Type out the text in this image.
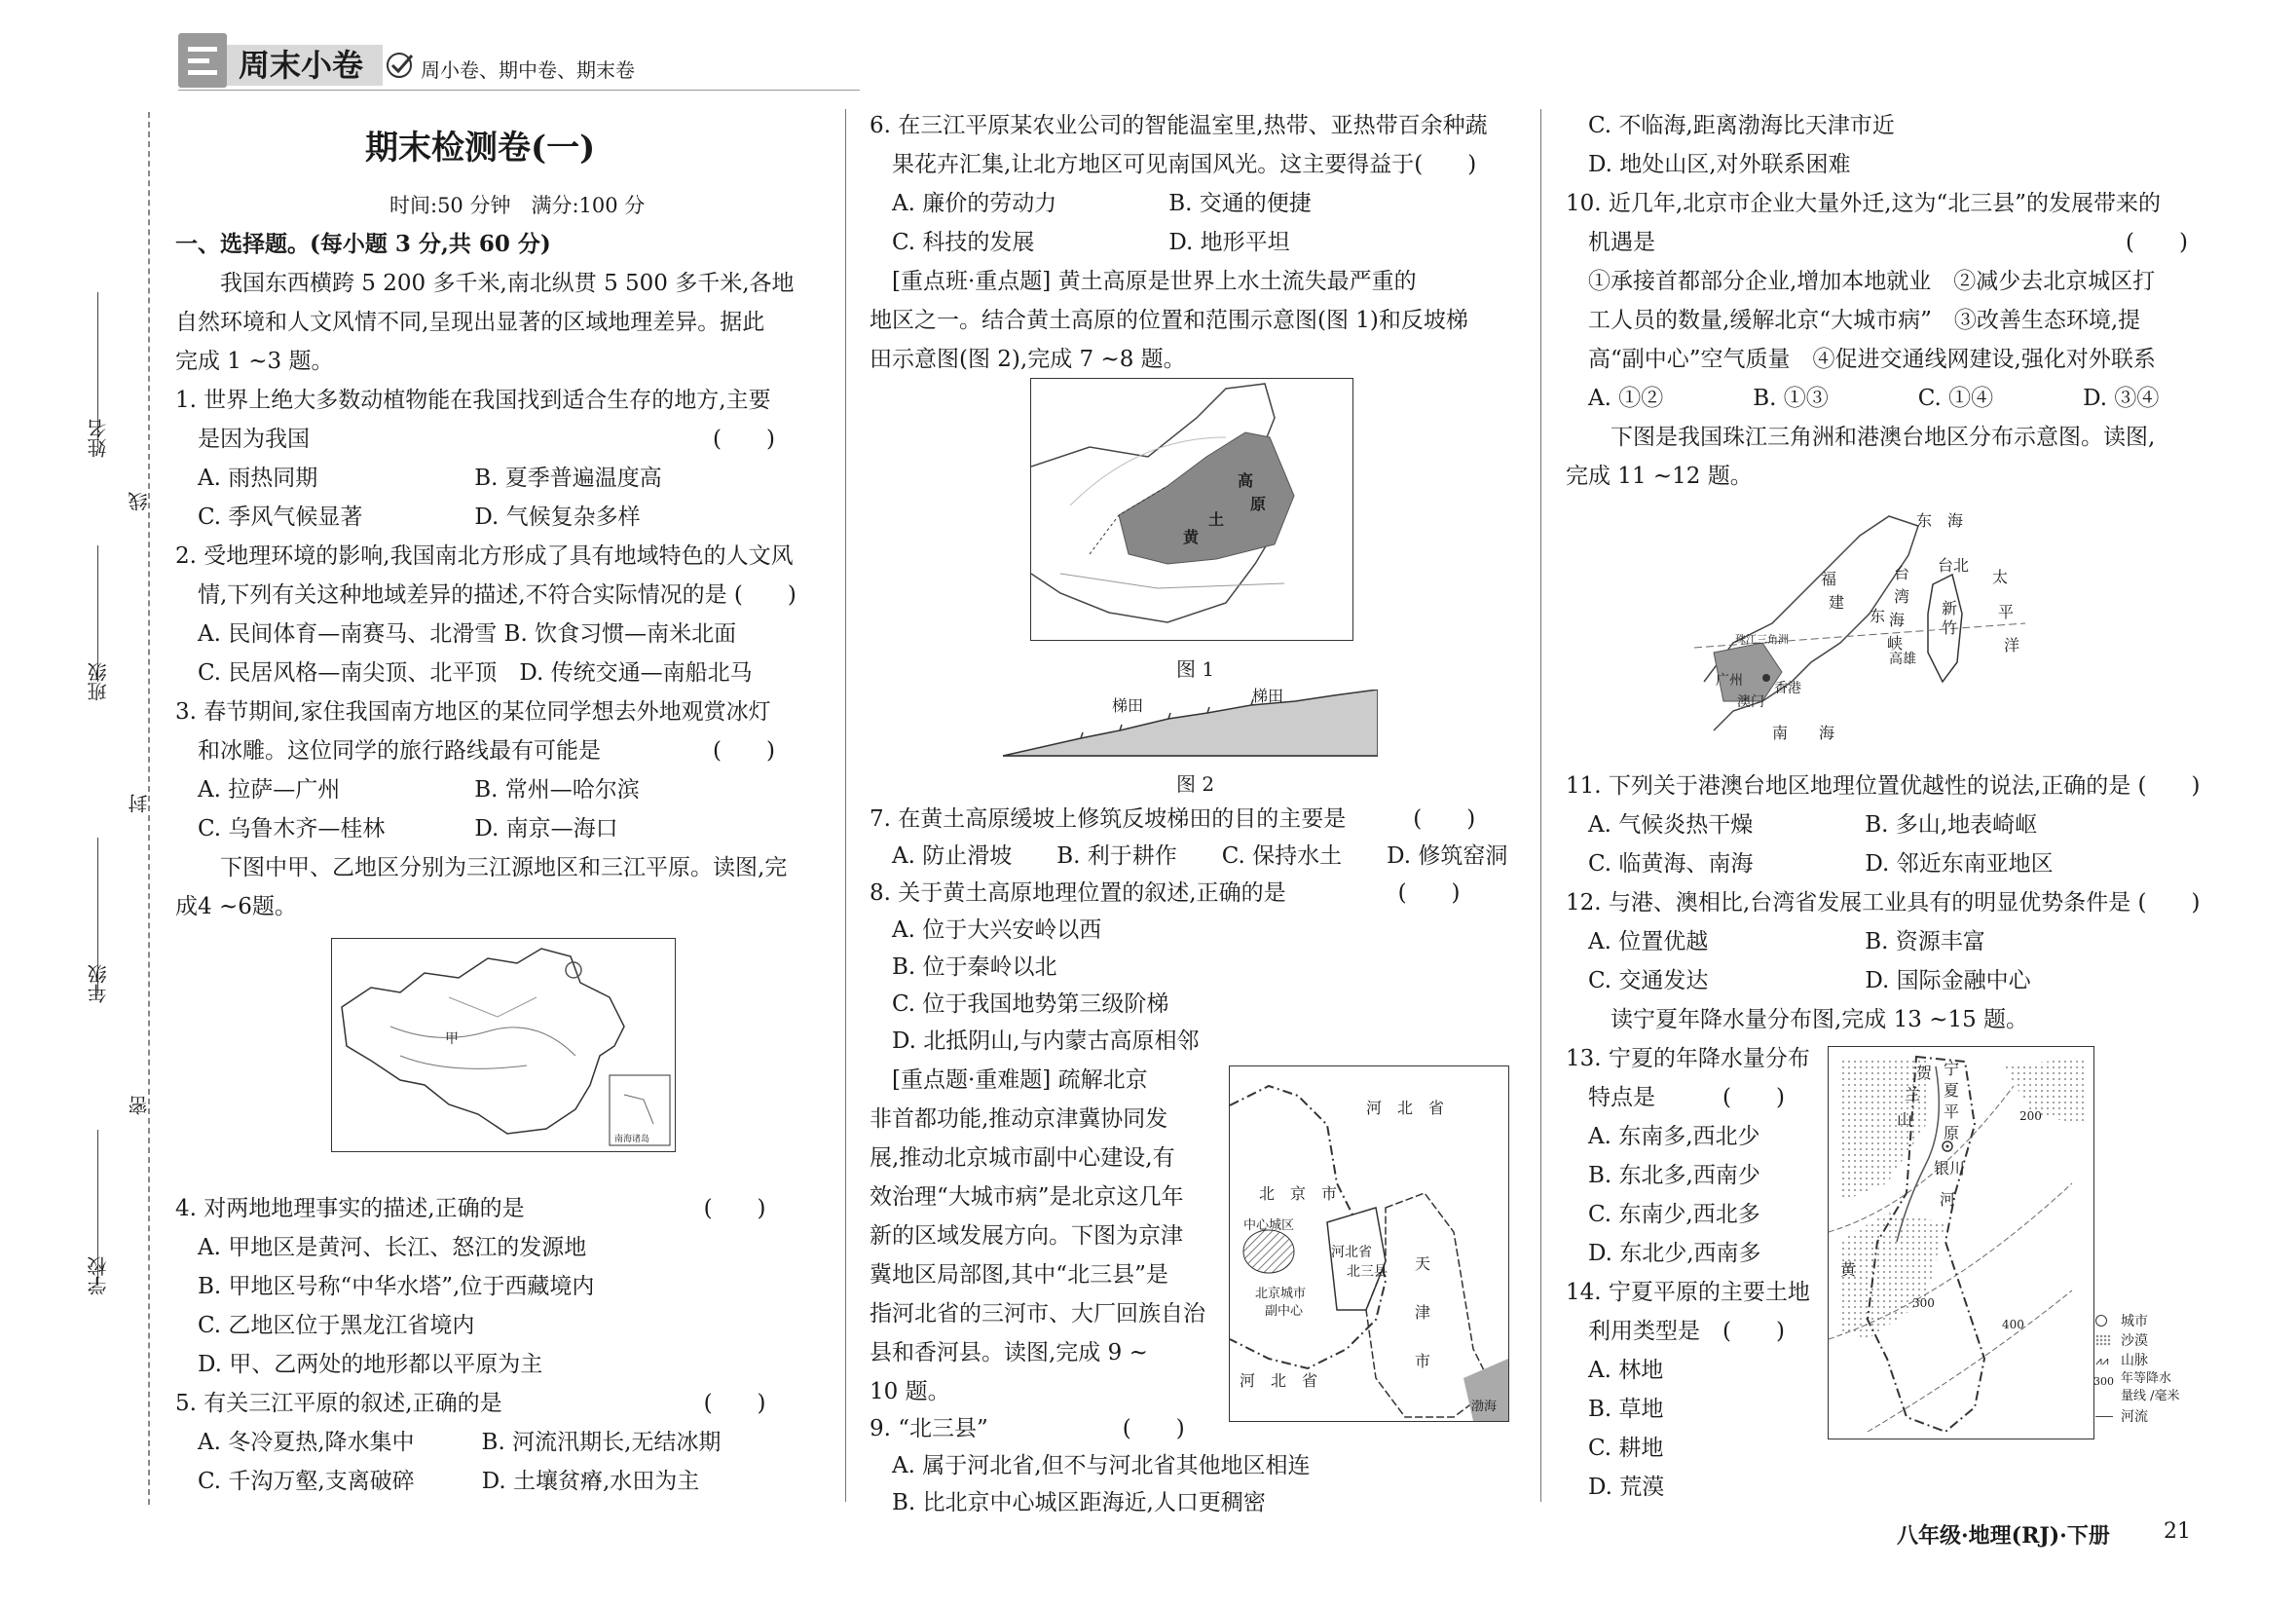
周末小卷	周小卷、期中卷、期末卷
姓名
班级
年级
学校
线
封
密
期末检测卷(一)
时间:50 分钟　满分:100 分
一、选择题。(每小题 3 分,共 60 分)
　　我国东西横跨 5 200 多千米,南北纵贯 5 500 多千米,各地
自然环境和人文风情不同,呈现出显著的区域地理差异。据此
完成 1 ~3 题。
1. 世界上绝大多数动植物能在我国找到适合生存的地方,主要
　是因为我国　　　　　　　　　　　　　　　　　　(　　)
　A. 雨热同期　　　　　　　B. 夏季普遍温度高
　C. 季风气候显著　　　　　D. 气候复杂多样
2. 受地理环境的影响,我国南北方形成了具有地域特色的人文风
　情,下列有关这种地域差异的描述,不符合实际情况的是 (　　)
　A. 民间体育—南赛马、北滑雪 B. 饮食习惯—南米北面
　C. 民居风格—南尖顶、北平顶　D. 传统交通—南船北马
3. 春节期间,家住我国南方地区的某位同学想去外地观赏冰灯
　和冰雕。这位同学的旅行路线最有可能是　　　　　(　　)
　A. 拉萨—广州　　　　　　B. 常州—哈尔滨
　C. 乌鲁木齐—桂林　　　　D. 南京—海口
　　下图中甲、乙地区分别为三江源地区和三江平原。读图,完
成4 ~6题。
甲
南海诸岛
4. 对两地地理事实的描述,正确的是　　　　　　　　(　　)
　A. 甲地区是黄河、长江、怒江的发源地
　B. 甲地区号称“中华水塔”,位于西藏境内
　C. 乙地区位于黑龙江省境内
　D. 甲、乙两处的地形都以平原为主
5. 有关三江平原的叙述,正确的是　　　　　　　　　(　　)
　A. 冬冷夏热,降水集中　　　B. 河流汛期长,无结冰期
　C. 千沟万壑,支离破碎　　　D. 土壤贫瘠,水田为主
6. 在三江平原某农业公司的智能温室里,热带、亚热带百余种蔬
　果花卉汇集,让北方地区可见南国风光。这主要得益于(　　)
　A. 廉价的劳动力　　　　　B. 交通的便捷
　C. 科技的发展　　　　　　D. 地形平坦
　[重点班·重点题] 黄土高原是世界上水土流失最严重的
地区之一。结合黄土高原的位置和范围示意图(图 1)和反坡梯
田示意图(图 2),完成 7 ~8 题。
黄
土
高
原
图 1
梯田
梯田
图 2
7. 在黄土高原缓坡上修筑反坡梯田的目的主要是　　　(　　)
　A. 防止滑坡　　B. 利于耕作　　C. 保持水土　　D. 修筑窑洞
8. 关于黄土高原地理位置的叙述,正确的是　　　　　(　　)
　A. 位于大兴安岭以西
　B. 位于秦岭以北
　C. 位于我国地势第三级阶梯
　D. 北抵阴山,与内蒙古高原相邻
　[重点题·重难题] 疏解北京
非首都功能,推动京津冀协同发
展,推动北京城市副中心建设,有
效治理“大城市病”是北京这几年
新的区域发展方向。下图为京津
冀地区局部图,其中“北三县”是
指河北省的三河市、大厂回族自治
县和香河县。读图,完成 9 ~
10 题。
9. “北三县”　　　　　　(　　)
　A. 属于河北省,但不与河北省其他地区相连
　B. 比北京中心城区距海近,人口更稠密
河　北　省
北　京　市
中心城区
河北省
北三县
北京城市
副中心
天
津
市
河　北　省
渤海
　C. 不临海,距离渤海比天津市近
　D. 地处山区,对外联系困难
10. 近几年,北京市企业大量外迁,这为“北三县”的发展带来的
　机遇是　　　　　　　　　　　　　　　　　　　　　(　　)
　①承接首都部分企业,增加本地就业　②减少去北京城区打
　工人员的数量,缓解北京“大城市病”　③改善生态环境,提
　高“副中心”空气质量　④促进交通线网建设,强化对外联系
　A. ①②　　　　B. ①③　　　　C. ①④　　　　D. ③④
　　下图是我国珠江三角洲和港澳台地区分布示意图。读图,
完成 11 ~12 题。
福
建
东　海
东
台北
太
平
洋
台
湾
海
峡
新
竹
珠江三角洲
广州 香港
澳门
高雄
南　　海
11. 下列关于港澳台地区地理位置优越性的说法,正确的是 (　　)
　A. 气候炎热干燥　　　　　B. 多山,地表崎岖
　C. 临黄海、南海　　　　　D. 邻近东南亚地区
12. 与港、澳相比,台湾省发展工业具有的明显优势条件是 (　　)
　A. 位置优越　　　　　　　B. 资源丰富
　C. 交通发达　　　　　　　D. 国际金融中心
　　读宁夏年降水量分布图,完成 13 ~15 题。
13. 宁夏的年降水量分布
　特点是　　　(　　)
　A. 东南多,西北少
　B. 东北多,西南少
　C. 东南少,西北多
　D. 东北少,西南多
14. 宁夏平原的主要土地
　利用类型是　(　　)
　A. 林地
　B. 草地
　C. 耕地
　D. 荒漠
贺
兰
山
宁
夏
平
原
银川
河
黄
200
300
400	城市
沙漠
⩘⩘ 山脉
300 年等降水
量线 /毫米
河流
八年级·地理(RJ)·下册	21
